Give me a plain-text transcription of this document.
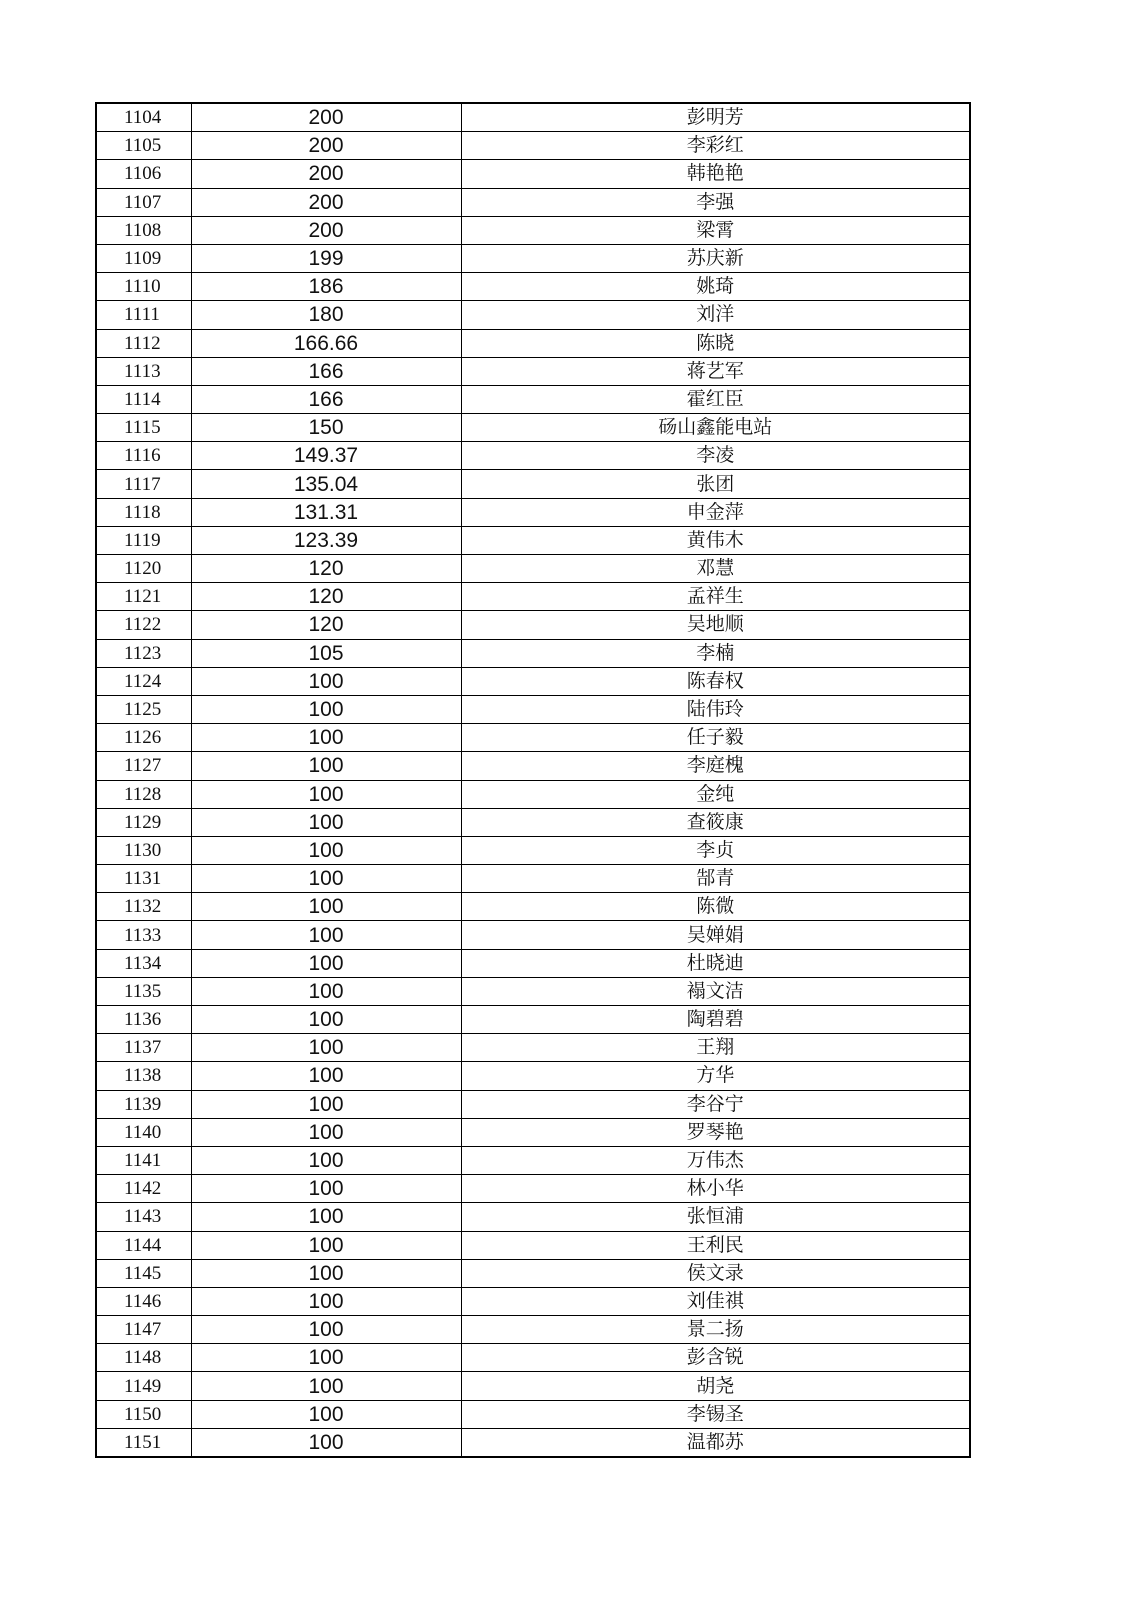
1104	200	彭明芳
1105	200	李彩红
1106	200	韩艳艳
1107	200	李强
1108	200	梁霄
1109	199	苏庆新
1110	186	姚琦
1111	180	刘洋
1112	166.66	陈晓
1113	166	蒋艺军
1114	166	霍红臣
1115	150	砀山鑫能电站
1116	149.37	李凌
1117	135.04	张团
1118	131.31	申金萍
1119	123.39	黄伟木
1120	120	邓慧
1121	120	孟祥生
1122	120	吴地顺
1123	105	李楠
1124	100	陈春权
1125	100	陆伟玲
1126	100	任子毅
1127	100	李庭槐
1128	100	金纯
1129	100	查筱康
1130	100	李贞
1131	100	郜青
1132	100	陈微
1133	100	吴婵娟
1134	100	杜晓迪
1135	100	褟文洁
1136	100	陶碧碧
1137	100	王翔
1138	100	方华
1139	100	李谷宁
1140	100	罗琴艳
1141	100	万伟杰
1142	100	林小华
1143	100	张恒浦
1144	100	王利民
1145	100	侯文录
1146	100	刘佳祺
1147	100	景二扬
1148	100	彭含锐
1149	100	胡尧
1150	100	李锡圣
1151	100	温都苏
